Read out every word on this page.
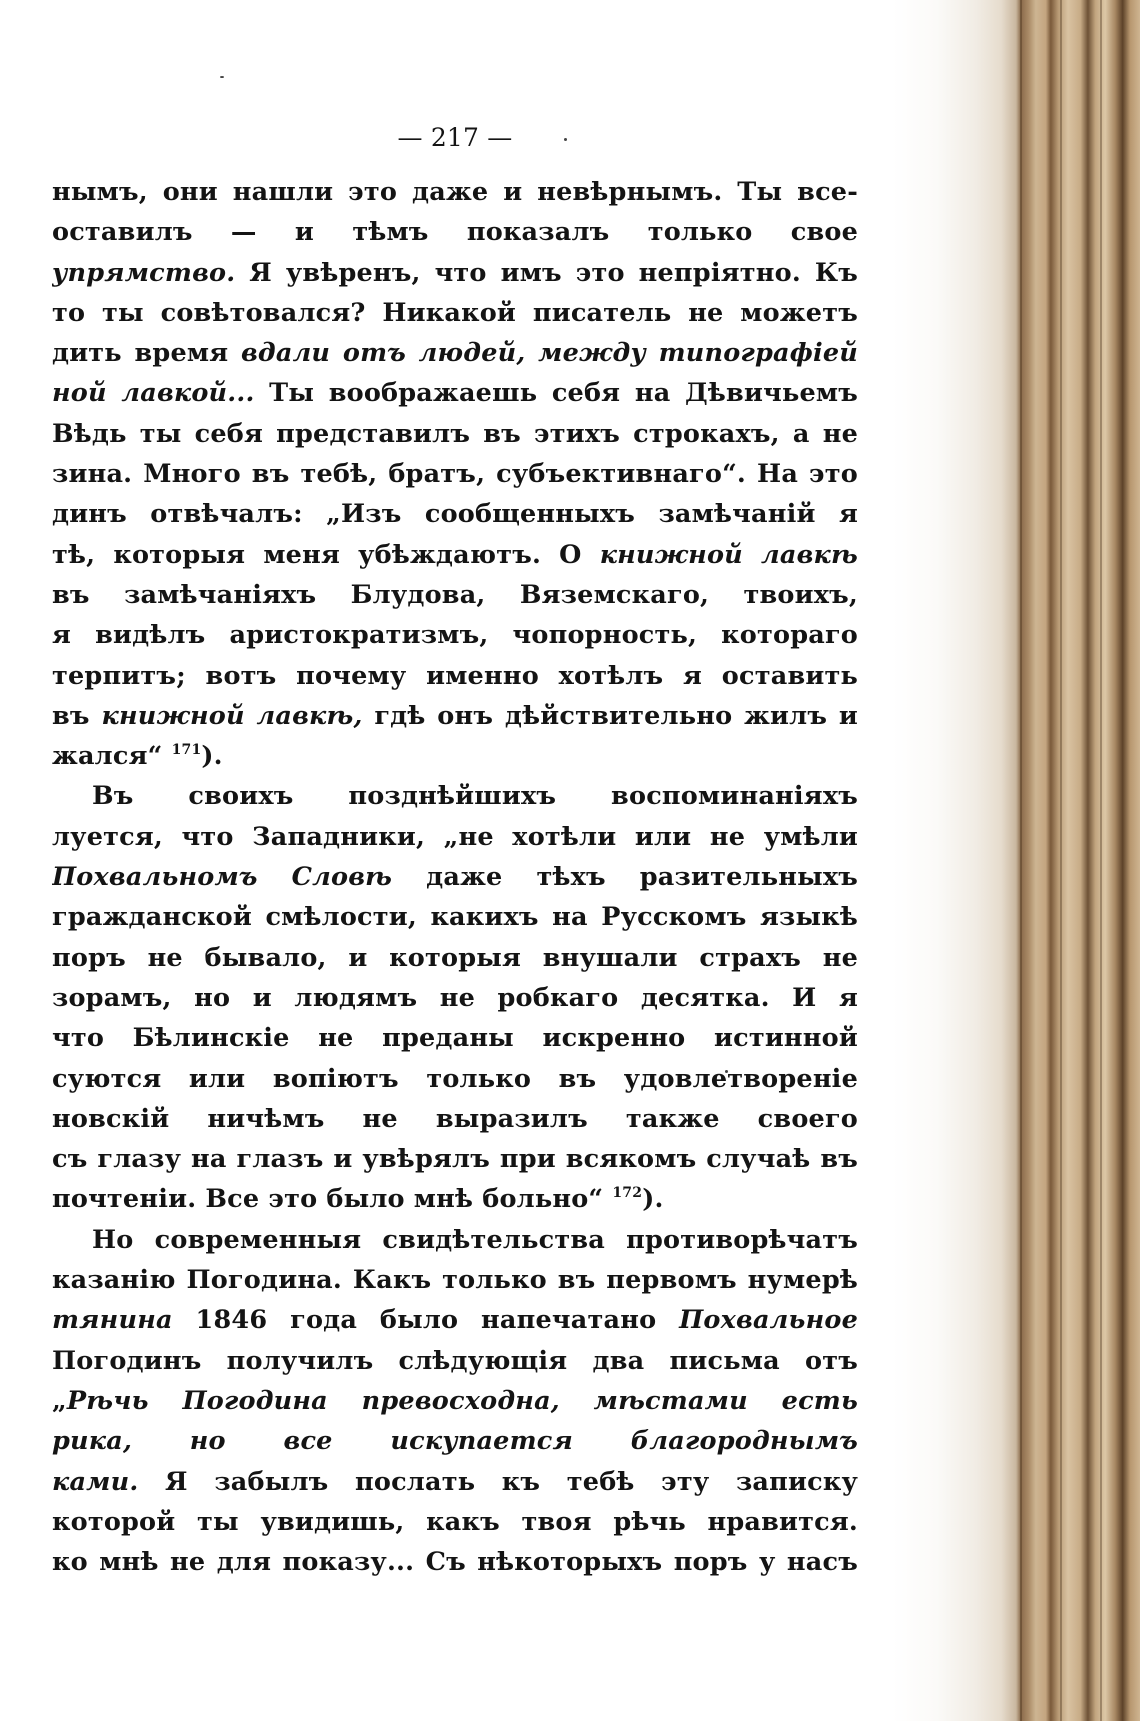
— 217 —
нымъ, они нашли это даже и невѣрнымъ. Ты все-
оставилъ — и тѣмъ показалъ только свое
упрямство. Я увѣренъ, что имъ это непріятно. Къ
то ты совѣтовался? Никакой писатель не можетъ
дить время вдали отъ людей, между типографіей
ной лавкой... Ты воображаешь себя на Дѣвичьемъ
Вѣдь ты себя представилъ въ этихъ строкахъ, а не
зина. Много въ тебѣ, братъ, субъективнаго“. На это
динъ отвѣчалъ: „Изъ сообщенныхъ замѣчаній я
тѣ, которыя меня убѣждаютъ. О книжной лавкѣ
въ замѣчаніяхъ Блудова, Вяземскаго, твоихъ,
я видѣлъ аристократизмъ, чопорность, котораго
терпитъ; вотъ почему именно хотѣлъ я оставить
въ книжной лавкѣ, гдѣ онъ дѣйствительно жилъ и
жался“ $^{171}$).
Въ своихъ позднѣйшихъ воспоминаніяхъ
луется, что Западники, „не хотѣли или не умѣли
Похвальномъ Словѣ даже тѣхъ разительныхъ
гражданской смѣлости, какихъ на Русскомъ языкѣ
поръ не бывало, и которыя внушали страхъ не
зорамъ, но и людямъ не робкаго десятка. И я
что Бѣлинскіе не преданы искренно истинной
суются или вопіютъ только въ удовлетвореніе
новскій ничѣмъ не выразилъ также своего
съ глазу на глазъ и увѣрялъ при всякомъ случаѣ въ
почтеніи. Все это было мнѣ больно“ $^{172}$).
Но современныя свидѣтельства противорѣчатъ
казанію Погодина. Какъ только въ первомъ нумерѣ
тянина 1846 года было напечатано Похвальное
Погодинъ получилъ слѣдующія два письма отъ
„Рѣчь Погодина превосходна, мѣстами есть
рика, но все искупается благороднымъ
ками. Я забылъ послать къ тебѣ эту записку
которой ты увидишь, какъ твоя рѣчь нравится.
ко мнѣ не для показу... Съ нѣкоторыхъ поръ у насъ
